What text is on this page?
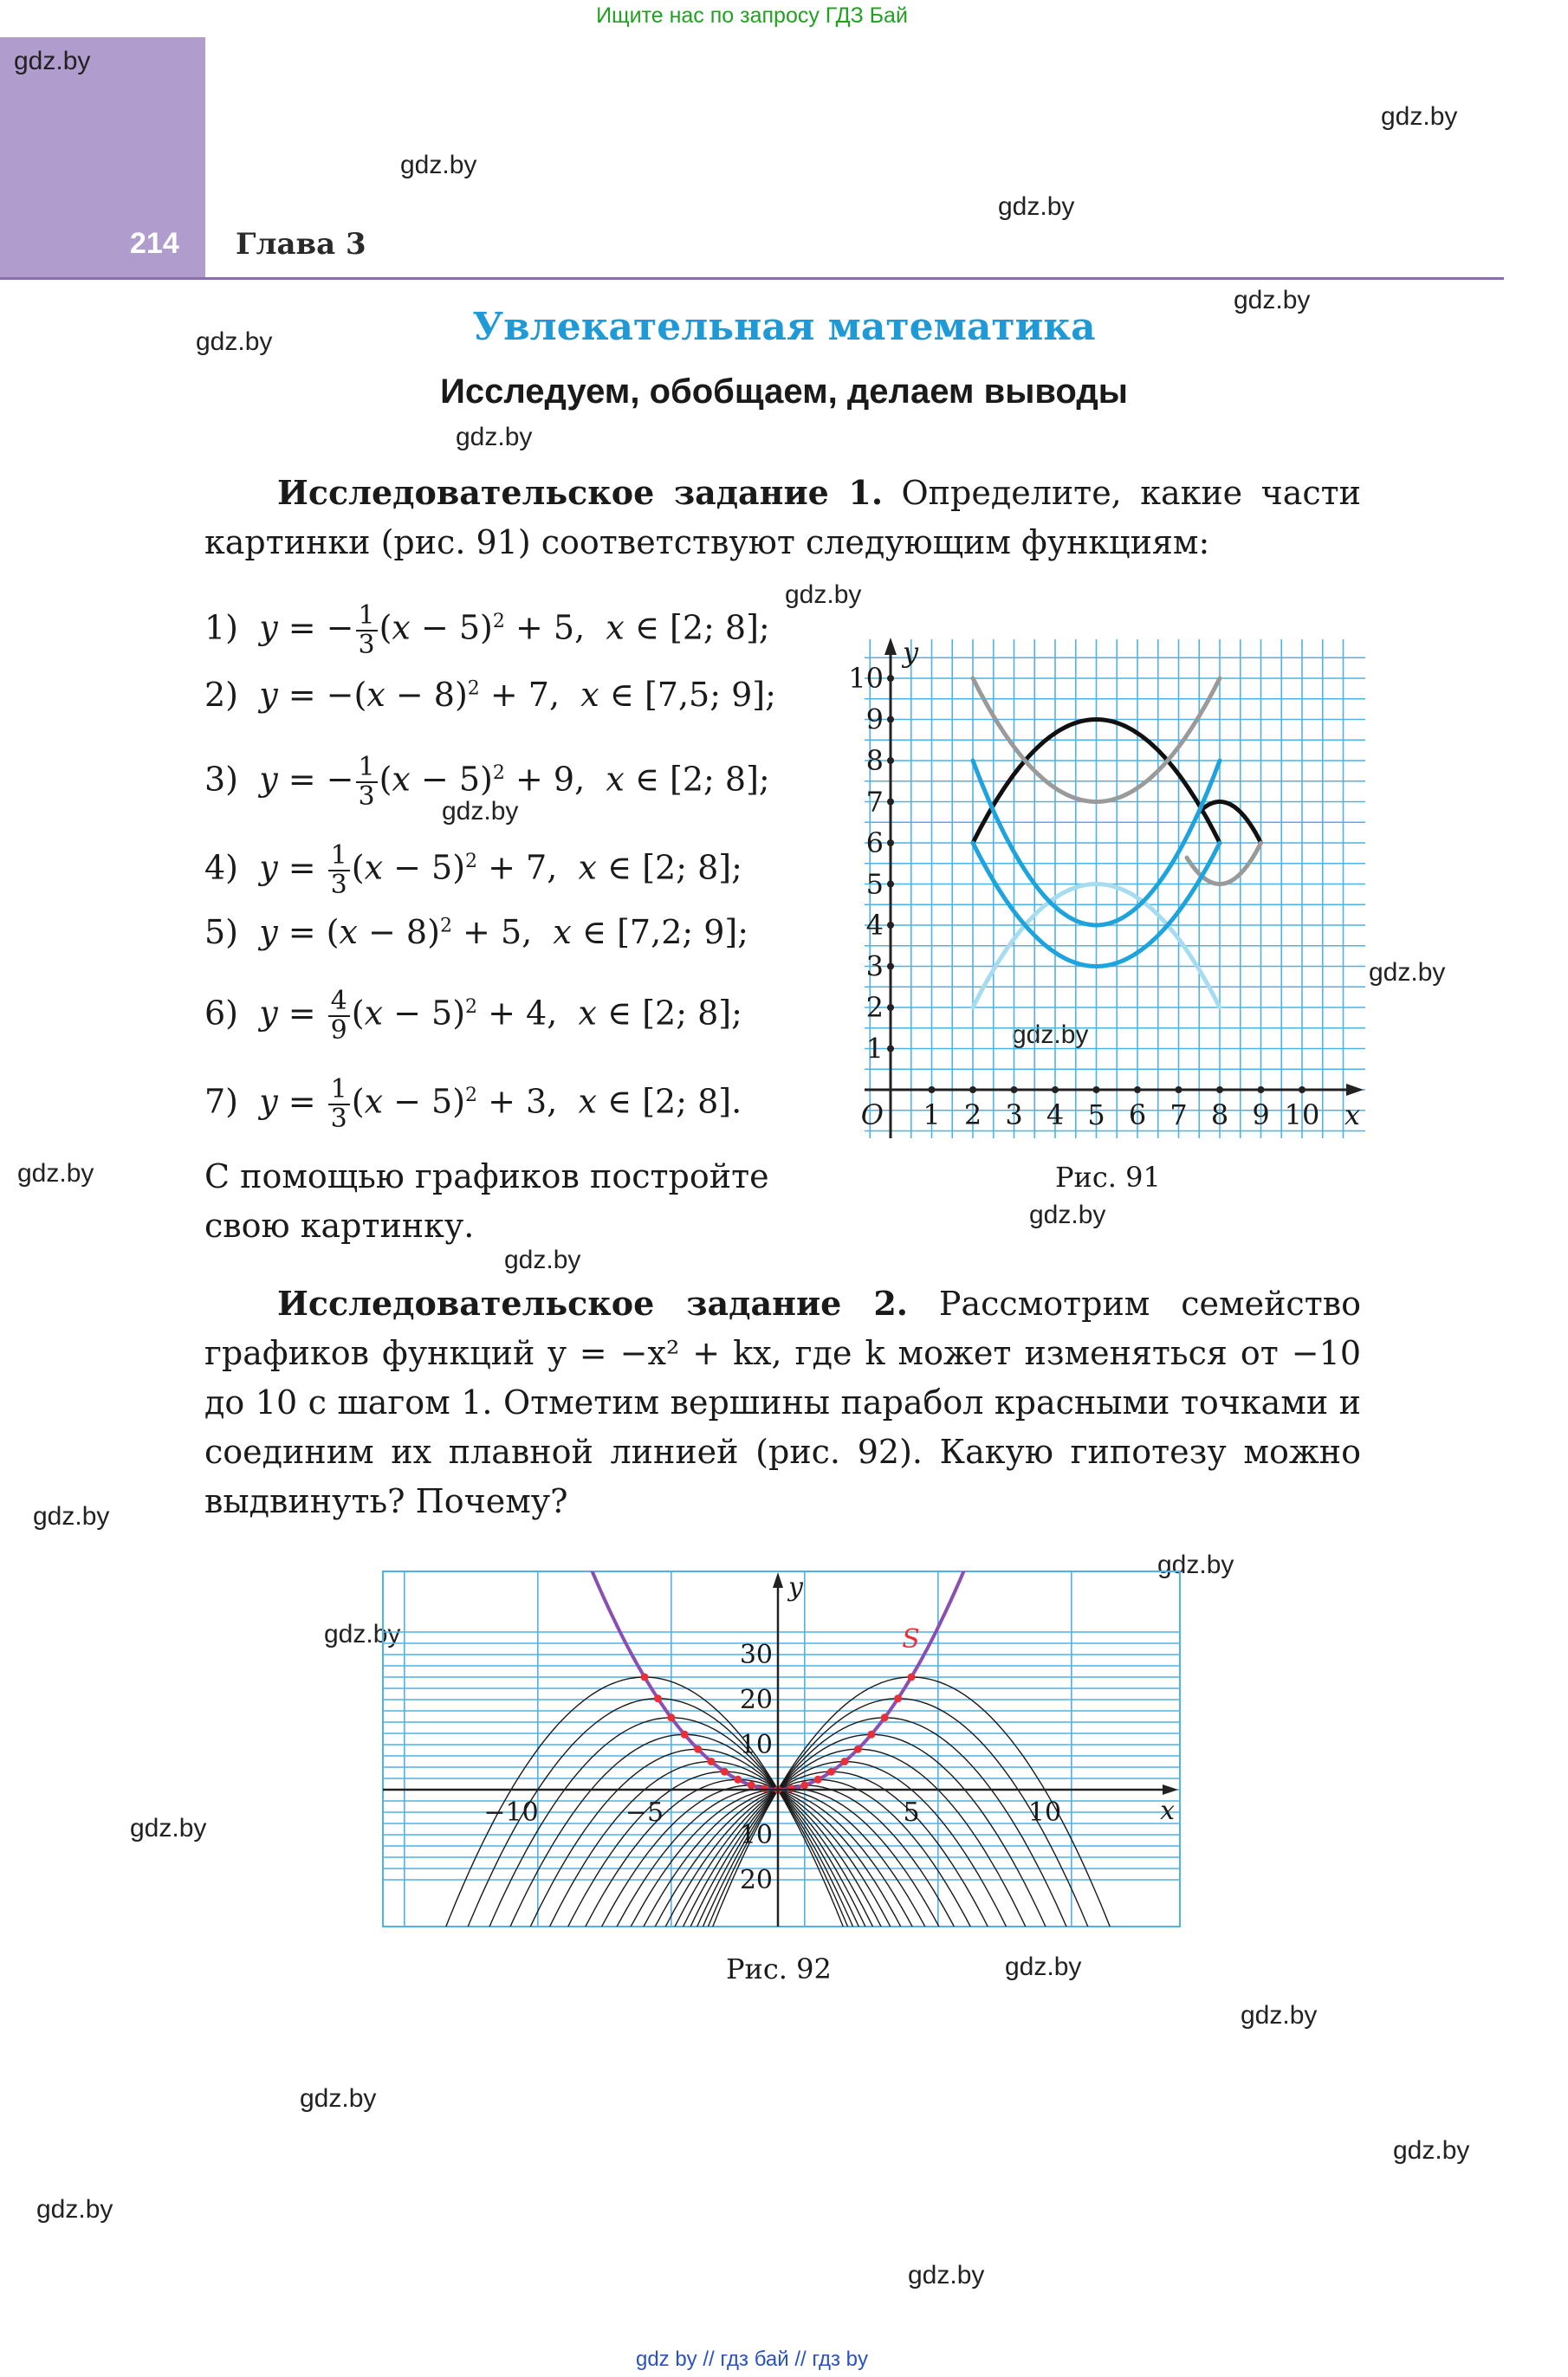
Ищите нас по запросу ГДЗ Бай
gdz by // гдз бай // гдз by
214 Глава 3
gdz.by
gdz.by
gdz.by
gdz.by
gdz.by
gdz.by
gdz.by
gdz.by
gdz.by
gdz.by
gdz.by
gdz.by
gdz.by
gdz.by
gdz.by
gdz.by
gdz.by
gdz.by
gdz.by
gdz.by
gdz.by
gdz.by
gdz.by
gdz.by
Увлекательная математика
Исследуем, обобщаем, делаем выводы
Исследовательское задание 1. Определите, какие части картинки (рис. 91) соответствуют следующим функциям:
1) y = − $\frac{1}{3} (x - 5)^2 + 5$,  x ∈ [2; 8];
2) $y = -(x - 8)^2 + 7$,  x ∈ [7,5; 9];
3) y = − $\frac{1}{3} (x - 5)^2 + 9$,  x ∈ [2; 8];
4) $y = \frac{1}{3} (x - 5)^2 + 7$,  x ∈ [2; 8];
5) $y = (x - 8)^2 + 5$,  x ∈ [7,2; 9];
6) $y = \frac{4}{9} (x - 5)^2 + 4$,  x ∈ [2; 8];
7) $y = \frac{1}{3} (x - 5)^2 + 3$,  x ∈ [2; 8].
С помощью графиков постройте свою картинку.
1 2 3 4 5 6 7 8 9 10
1
2
3
4
5
6
7
8
9
10
O	x
y
Рис. 91
Исследовательское задание 2. Рассмотрим семейство графиков функций y = −x² + kx, где k может изменяться от −10 до 10 с шагом 1. Отметим вершины парабол красными точками и соединим их плавной линией (рис. 92). Какую гипотезу можно выдвинуть? Почему?
−10	−5	5	10
30
20
10
10
20
x
y
S
Рис. 92
